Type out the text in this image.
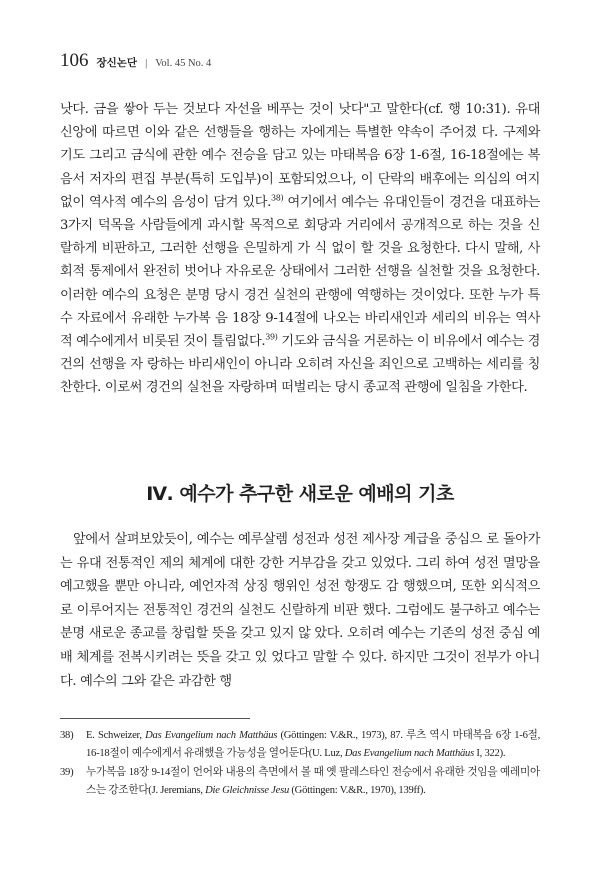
106 장신논단 | Vol. 45 No. 4

낫다. 금을 쌓아 두는 것보다 자선을 베푸는 것이 낫다"고 말한다(cf. 행 10:31). 유대 신앙에 따르면 이와 같은 선행들을 행하는 자에게는 특별한 약속이 주어졌 다. 구제와 기도 그리고 금식에 관한 예수 전승을 담고 있는 마태복음 6장 1-6절, 16-18절에는 복음서 저자의 편집 부분(특히 도입부)이 포함되었으나, 이 단락의 배후에는 의심의 여지없이 역사적 예수의 음성이 담겨 있다.$^{38)}$ 여기에서 예수는 유대인들이 경건을 대표하는 3가지 덕목을 사람들에게 과시할 목적으로 회당과 거리에서 공개적으로 하는 것을 신랄하게 비판하고, 그러한 선행을 은밀하게 가 식 없이 할 것을 요청한다. 다시 말해, 사회적 통제에서 완전히 벗어나 자유로운 상태에서 그러한 선행을 실천할 것을 요청한다. 이러한 예수의 요청은 분명 당시 경건 실천의 관행에 역행하는 것이었다. 또한 누가 특수 자료에서 유래한 누가복 음 18장 9-14절에 나오는 바리새인과 세리의 비유는 역사적 예수에게서 비롯된 것이 틀림없다.$^{39)}$ 기도와 금식을 거론하는 이 비유에서 예수는 경건의 선행을 자 랑하는 바리새인이 아니라 오히려 자신을 죄인으로 고백하는 세리를 칭찬한다. 이로써 경건의 실천을 자랑하며 떠벌리는 당시 종교적 관행에 일침을 가한다.

Ⅳ. 예수가 추구한 새로운 예배의 기초

앞에서 살펴보았듯이, 예수는 예루살렘 성전과 성전 제사장 계급을 중심으 로 돌아가는 유대 전통적인 제의 체계에 대한 강한 거부감을 갖고 있었다. 그리 하여 성전 멸망을 예고했을 뿐만 아니라, 예언자적 상징 행위인 성전 항쟁도 감 행했으며, 또한 외식적으로 이루어지는 전통적인 경건의 실천도 신랄하게 비판 했다. 그럼에도 불구하고 예수는 분명 새로운 종교를 창립할 뜻을 갖고 있지 않 았다. 오히려 예수는 기존의 성전 중심 예배 체계를 전복시키려는 뜻을 갖고 있 었다고 말할 수 있다. 하지만 그것이 전부가 아니다. 예수의 그와 같은 과감한 행

38)	E. Schweizer, Das Evangelium nach Matthäus (Göttingen: V.&R., 1973), 87. 루츠 역시 마태복음 6장 1-6절, 16-18절이 예수에게서 유래했을 가능성을 열어둔다(U. Luz, Das Evangelium nach Matthäus I, 322).
39)	누가복음 18장 9-14절이 언어와 내용의 측면에서 볼 때 옛 팔레스타인 전승에서 유래한 것임을 예레미아스는 강조한다(J. Jeremians, Die Gleichnisse Jesu (Göttingen: V.&R., 1970), 139ff).
